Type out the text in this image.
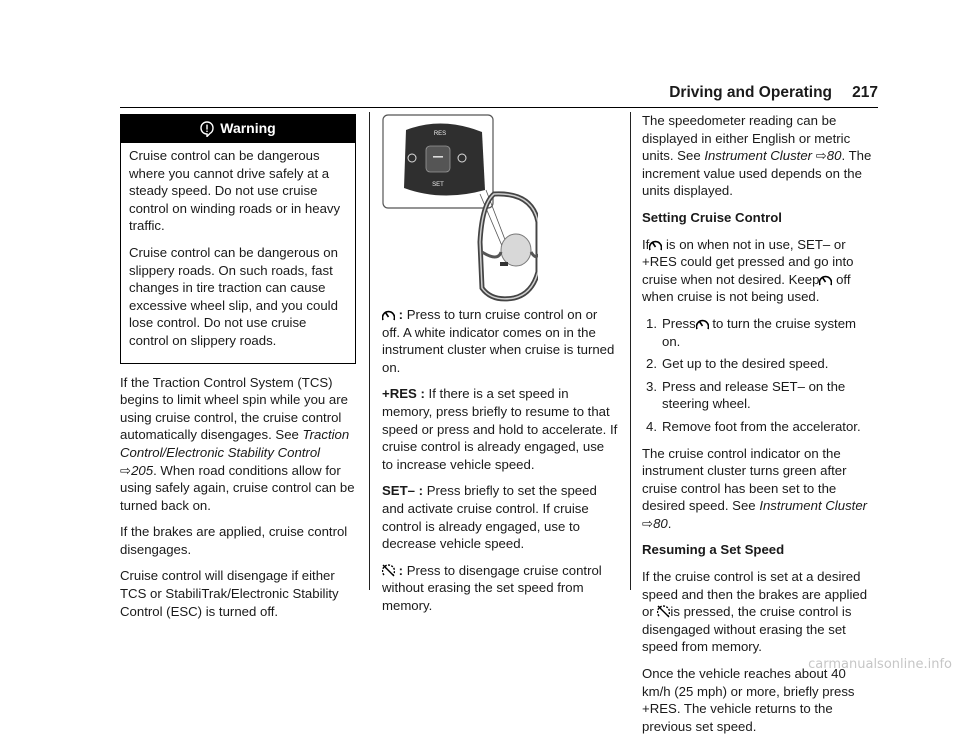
Driving and Operating 217
Warning

Cruise control can be dangerous where you cannot drive safely at a steady speed. Do not use cruise control on winding roads or in heavy traffic.

Cruise control can be dangerous on slippery roads. On such roads, fast changes in tire traction can cause excessive wheel slip, and you could lose control. Do not use cruise control on slippery roads.

If the Traction Control System (TCS) begins to limit wheel spin while you are using cruise control, the cruise control automatically disengages. See Traction Control/Electronic Stability Control ⇨205. When road conditions allow for using safely again, cruise control can be turned back on.

If the brakes are applied, cruise control disengages.

Cruise control will disengage if either TCS or StabiliTrak/Electronic Stability Control (ESC) is turned off.

RES
SET

: Press to turn cruise control on or off. A white indicator comes on in the instrument cluster when cruise is turned on.

+RES : If there is a set speed in memory, press briefly to resume to that speed or press and hold to accelerate. If cruise control is already engaged, use to increase vehicle speed.

SET– : Press briefly to set the speed and activate cruise control. If cruise control is already engaged, use to decrease vehicle speed.

: Press to disengage cruise control without erasing the set speed from memory.

The speedometer reading can be displayed in either English or metric units. See Instrument Cluster ⇨80. The increment value used depends on the units displayed.

Setting Cruise Control

If is on when not in use, SET– or +RES could get pressed and go into cruise when not desired. Keep off when cruise is not being used.

1. Press to turn the cruise system on.
2. Get up to the desired speed.
3. Press and release SET– on the steering wheel.
4. Remove foot from the accelerator.

The cruise control indicator on the instrument cluster turns green after cruise control has been set to the desired speed. See Instrument Cluster ⇨80.

Resuming a Set Speed

If the cruise control is set at a desired speed and then the brakes are applied or is pressed, the cruise control is disengaged without erasing the set speed from memory.

Once the vehicle reaches about 40 km/h (25 mph) or more, briefly press +RES. The vehicle returns to the previous set speed.

carmanualsonline.info
